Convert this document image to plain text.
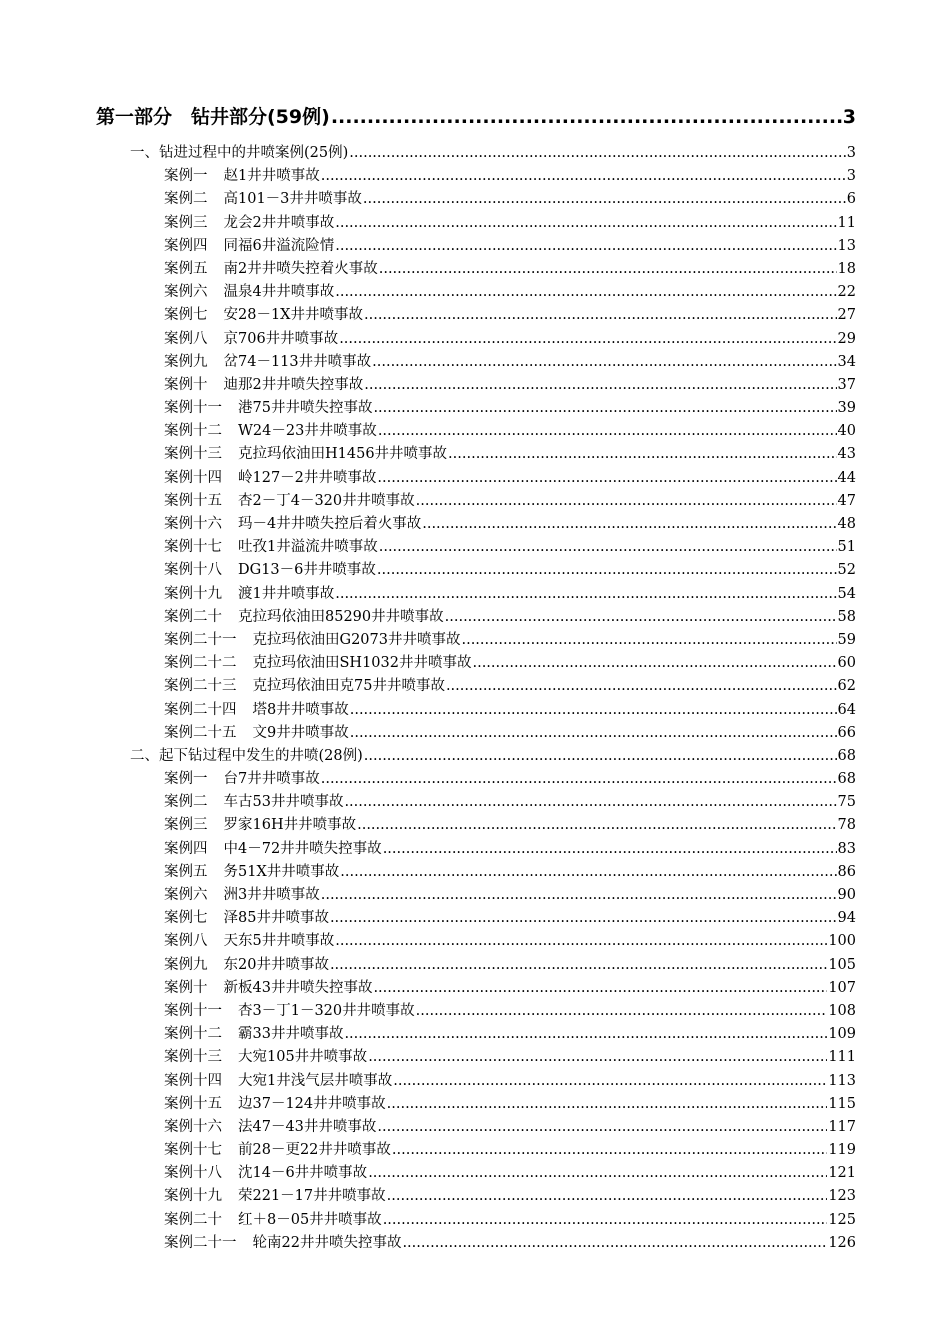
第一部分　钻井部分(59例) .....	3
一、钻进过程中的井喷案例(25例) .....	3
案例一 赵1井井喷事故 .....	3
案例二 高101－3井井喷事故 .....	6
案例三 龙会2井井喷事故 .....	11
案例四 同福6井溢流险情 .....	13
案例五 南2井井喷失控着火事故 .....	18
案例六 温泉4井井喷事故 .....	22
案例七 安28－1X井井喷事故 .....	27
案例八 京706井井喷事故 .....	29
案例九 岔74－113井井喷事故 .....	34
案例十 迪那2井井喷失控事故 .....	37
案例十一 港75井井喷失控事故 .....	39
案例十二 W24－23井井喷事故 .....	40
案例十三 克拉玛依油田H1456井井喷事故 .....	43
案例十四 岭127－2井井喷事故 .....	44
案例十五 杏2－丁4－320井井喷事故 .....	47
案例十六 玛－4井井喷失控后着火事故 .....	48
案例十七 吐孜1井溢流井喷事故 .....	51
案例十八 DG13－6井井喷事故 .....	52
案例十九 渡1井井喷事故 .....	54
案例二十 克拉玛依油田85290井井喷事故 .....	58
案例二十一 克拉玛依油田G2073井井喷事故 .....	59
案例二十二 克拉玛依油田SH1032井井喷事故 .....	60
案例二十三 克拉玛依油田克75井井喷事故 .....	62
案例二十四 塔8井井喷事故 .....	64
案例二十五 文9井井喷事故 .....	66
二、起下钻过程中发生的井喷(28例) .....	68
案例一 台7井井喷事故 .....	68
案例二 车古53井井喷事故 .....	75
案例三 罗家16H井井喷事故 .....	78
案例四 中4－72井井喷失控事故 .....	83
案例五 务51X井井喷事故 .....	86
案例六 洲3井井喷事故 .....	90
案例七 泽85井井喷事故 .....	94
案例八 天东5井井喷事故 .....	100
案例九 东20井井喷事故 .....	105
案例十 新板43井井喷失控事故 .....	107
案例十一 杏3－丁1－320井井喷事故 .....	108
案例十二 霸33井井喷事故 .....	109
案例十三 大宛105井井喷事故 .....	111
案例十四 大宛1井浅气层井喷事故 .....	113
案例十五 边37－124井井喷事故 .....	115
案例十六 法47－43井井喷事故 .....	117
案例十七 前28－更22井井喷事故 .....	119
案例十八 沈14－6井井喷事故 .....	121
案例十九 荣221－17井井喷事故 .....	123
案例二十 红＋8－05井井喷事故 .....	125
案例二十一 轮南22井井喷失控事故 .....	126
